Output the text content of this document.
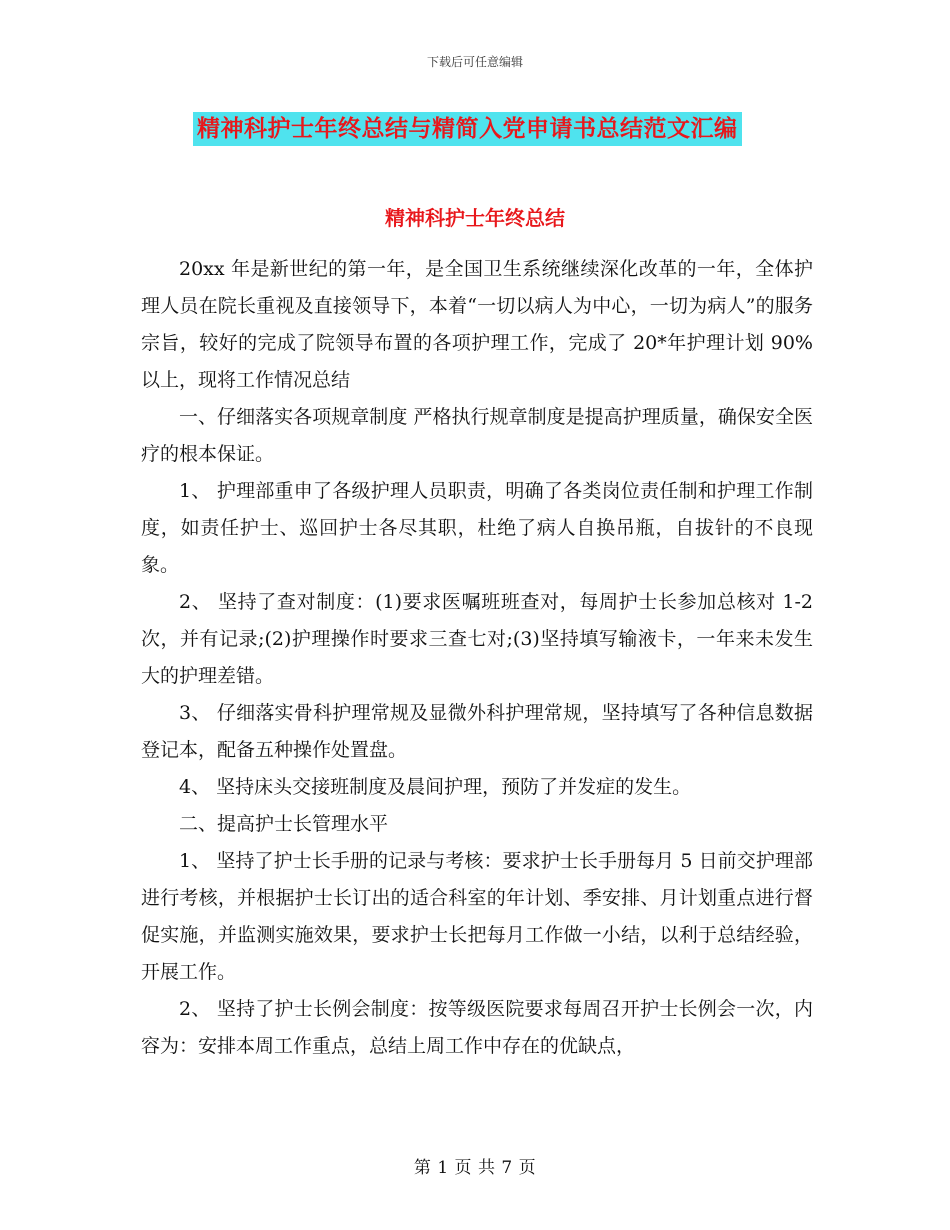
下载后可任意编辑
精神科护士年终总结与精简入党申请书总结范文汇编
精神科护士年终总结

20xx 年是新世纪的第一年，是全国卫生系统继续深化改革的一年，全体护理人员在院长重视及直接领导下，本着“一切以病人为中心，一切为病人”的服务宗旨，较好的完成了院领导布置的各项护理工作，完成了 20*年护理计划 90%以上，现将工作情况总结

一、仔细落实各项规章制度 严格执行规章制度是提高护理质量，确保安全医疗的根本保证。

1、 护理部重申了各级护理人员职责，明确了各类岗位责任制和护理工作制度，如责任护士、巡回护士各尽其职，杜绝了病人自换吊瓶，自拔针的不良现象。

2、 坚持了查对制度：(1)要求医嘱班班查对，每周护士长参加总核对 1-2 次，并有记录;(2)护理操作时要求三查七对;(3)坚持填写输液卡，一年来未发生大的护理差错。

3、 仔细落实骨科护理常规及显微外科护理常规，坚持填写了各种信息数据登记本，配备五种操作处置盘。

4、 坚持床头交接班制度及晨间护理，预防了并发症的发生。

二、提高护士长管理水平

1、 坚持了护士长手册的记录与考核：要求护士长手册每月 5 日前交护理部进行考核，并根据护士长订出的适合科室的年计划、季安排、月计划重点进行督促实施，并监测实施效果，要求护士长把每月工作做一小结，以利于总结经验，开展工作。

2、 坚持了护士长例会制度：按等级医院要求每周召开护士长例会一次，内容为：安排本周工作重点，总结上周工作中存在的优缺点，

第 1 页 共 7 页
